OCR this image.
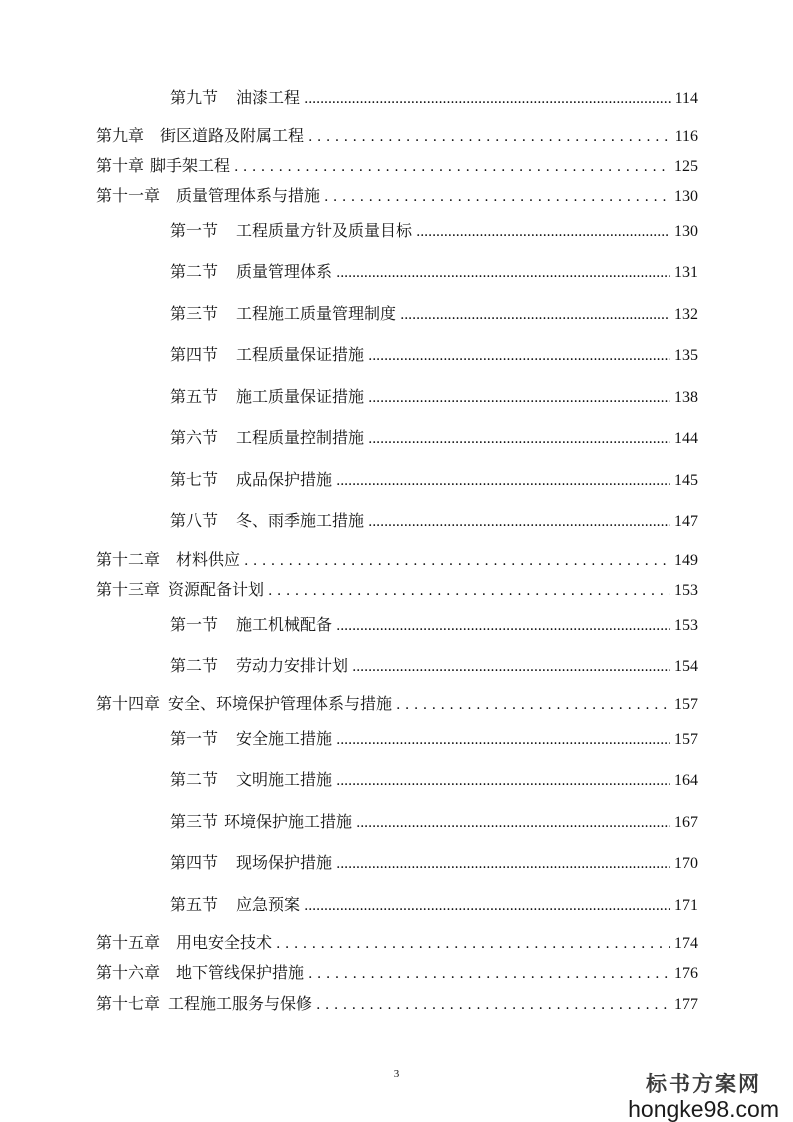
第九节 油漆工程 .....	114
第九章 街区道路及附属工程 . . .	116
第十章 脚手架工程 . . .	125
第十一章 质量管理体系与措施 . . .	130
第一节 工程质量方针及质量目标 .....	130
第二节 质量管理体系 .....	131
第三节 工程施工质量管理制度 .....	132
第四节 工程质量保证措施 .....	135
第五节 施工质量保证措施 .....	138
第六节 工程质量控制措施 .....	144
第七节 成品保护措施 .....	145
第八节 冬、雨季施工措施 .....	147
第十二章 材料供应 . . .	149
第十三章 资源配备计划 . . .	153
第一节 施工机械配备 .....	153
第二节 劳动力安排计划 .....	154
第十四章 安全、环境保护管理体系与措施 . . .	157
第一节 安全施工措施 .....	157
第二节 文明施工措施 .....	164
第三节 环境保护施工措施 .....	167
第四节 现场保护措施 .....	170
第五节 应急预案 .....	171
第十五章 用电安全技术 . . .	174
第十六章 地下管线保护措施 . . .	176
第十七章 工程施工服务与保修 . . .	177
3	标书方案网
hongke98.com
